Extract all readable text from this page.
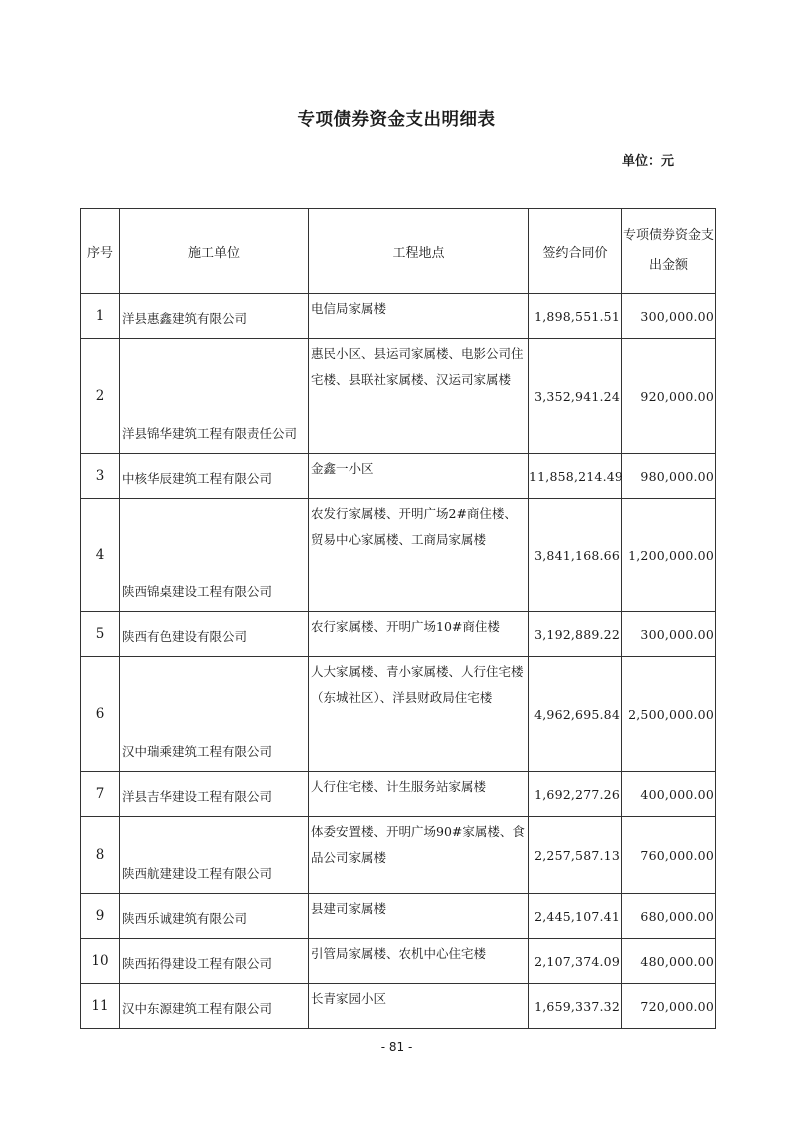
专项债券资金支出明细表
单位：元
序号	施工单位	工程地点	签约合同价	专项债券资金支出金额

1	洋县惠鑫建筑有限公司	电信局家属楼	1,898,551.51	300,000.00
2	洋县锦华建筑工程有限责任公司	惠民小区、县运司家属楼、电影公司住宅楼、县联社家属楼、汉运司家属楼	3,352,941.24	920,000.00
3	中核华辰建筑工程有限公司	金鑫一小区	11,858,214.49	980,000.00
4	陕西锦桌建设工程有限公司	农发行家属楼、开明广场2#商住楼、贸易中心家属楼、工商局家属楼	3,841,168.66	1,200,000.00
5	陕西有色建设有限公司	农行家属楼、开明广场10#商住楼	3,192,889.22	300,000.00
6	汉中瑞乘建筑工程有限公司	人大家属楼、青小家属楼、人行住宅楼（东城社区）、洋县财政局住宅楼	4,962,695.84	2,500,000.00
7	洋县吉华建设工程有限公司	人行住宅楼、计生服务站家属楼	1,692,277.26	400,000.00
8	陕西航建建设工程有限公司	体委安置楼、开明广场90#家属楼、食品公司家属楼	2,257,587.13	760,000.00
9	陕西乐诚建筑有限公司	县建司家属楼	2,445,107.41	680,000.00
10	陕西拓得建设工程有限公司	引管局家属楼、农机中心住宅楼	2,107,374.09	480,000.00
11	汉中东源建筑工程有限公司	长青家园小区	1,659,337.32	720,000.00
- 81 -
